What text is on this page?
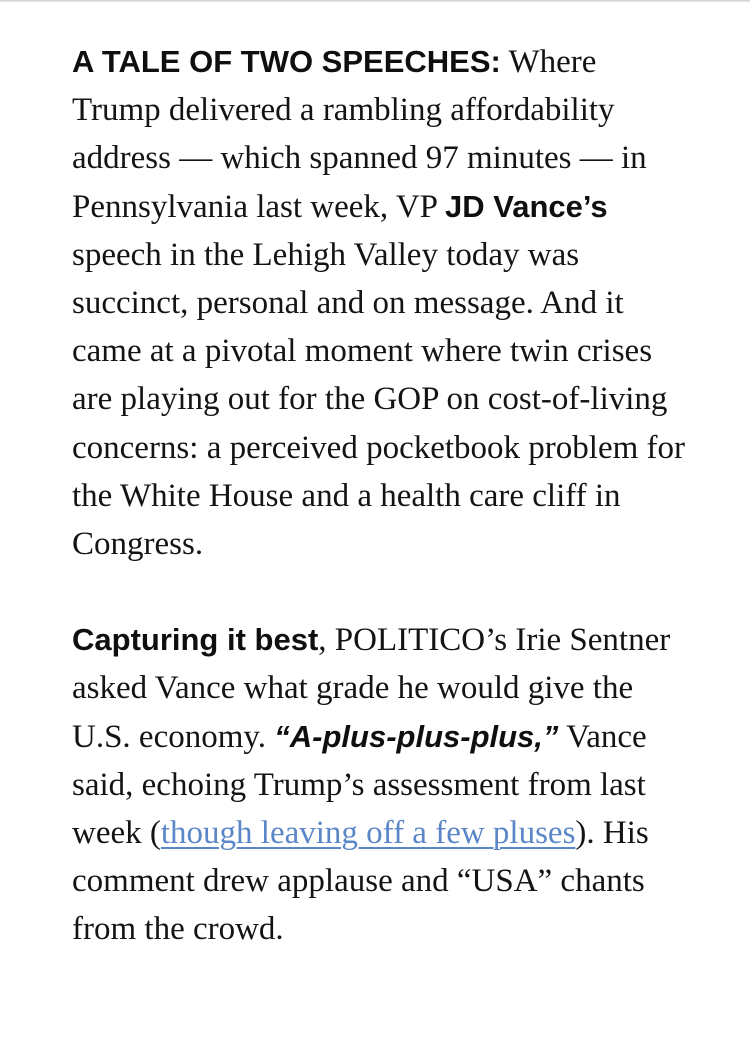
A TALE OF TWO SPEECHES: Where Trump delivered a rambling affordability address — which spanned 97 minutes — in Pennsylvania last week, VP JD Vance’s speech in the Lehigh Valley today was succinct, personal and on message. And it came at a pivotal moment where twin crises are playing out for the GOP on cost-of-living concerns: a perceived pocketbook problem for the White House and a health care cliff in Congress.

Capturing it best, POLITICO’s Irie Sentner asked Vance what grade he would give the U.S. economy. “A-plus-plus-plus,” Vance said, echoing Trump’s assessment from last week (though leaving off a few pluses). His comment drew applause and “USA” chants from the crowd.
